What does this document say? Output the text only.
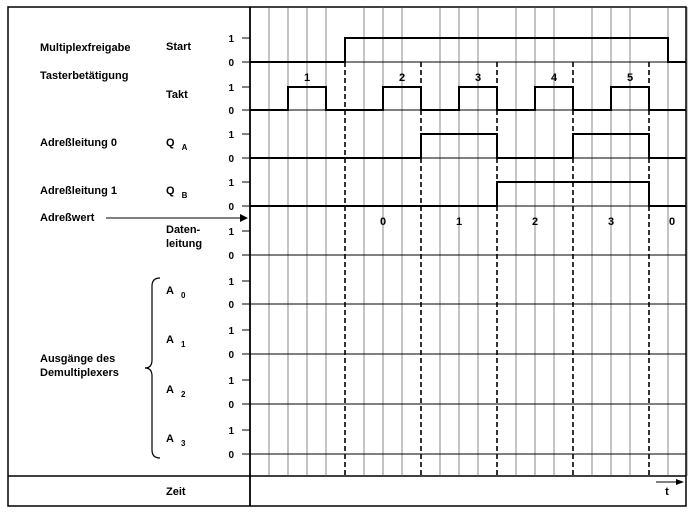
1
0
1
0
1
0
1
0
1
0
1
0
1
0
1
0
1
0
1	2	3	4	5
Start
Multiplexfreigabe
Takt
Tasterbetätigung
Q $_A$
Adreßleitung 0
Q $_B$
Adreßleitung 1
Daten-
leitung
A $_0$
A $_1$
A $_2$
A $_3$
Adreßwert	0	1	2	3	0
Ausgänge des
Demultiplexers
Zeit	t
